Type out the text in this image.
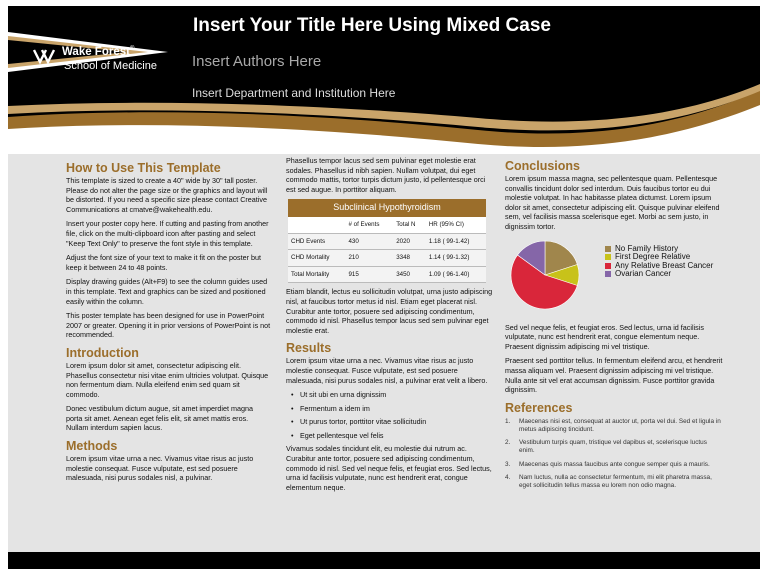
Wake Forest®
School of Medicine
Insert Your Title Here Using Mixed Case
Insert Authors Here
Insert Department and Institution Here
How to Use This Template

This template is sized to create a 40" wide by 30" tall poster. Please do not alter the page size or the graphics and layout will be distorted. If you need a specific size please contact Creative Communications at cmatve@wakehealth.edu.

Insert your poster copy here. If cutting and pasting from another file, click on the multi-clipboard icon after pasting and select "Keep Text Only" to preserve the font style in this template.

Adjust the font size of your text to make it fit on the poster but keep it between 24 to 48 points.

Display drawing guides (Alt+F9) to see the column guides used in this template. Text and graphics can be sized and positioned easily within the column.

This poster template has been designed for use in PowerPoint 2007 or greater. Opening it in prior versions of PowerPoint is not recommended.

Introduction

Lorem ipsum dolor sit amet, consectetur adipiscing elit. Phasellus consectetur nisi vitae enim ultricies volutpat. Quisque non fermentum diam. Nulla eleifend enim sed quam sit commodo.

Donec vestibulum dictum augue, sit amet imperdiet magna porta sit amet. Aenean eget felis elit, sit amet mattis eros. Nullam interdum sapien lacus.

Methods

Lorem ipsum vitae urna a nec. Vivamus vitae risus ac justo molestie consequat. Fusce vulputate, est sed posuere malesuada, nisi purus sodales nisl, a pulvinar.

Phasellus tempor lacus sed sem pulvinar eget molestie erat sodales. Phasellus id nibh sapien. Nullam volutpat, dui eget commodo mattis, tortor turpis dictum justo, id pellentesque orci est sed augue. In porttitor aliquam.

Subclinical Hypothyroidism			
	# of Events	Total N	HR (95% CI)
CHD Events	430	2020	1.18 ( 99-1.42)
CHD Mortality	210	3348	1.14 ( 99-1.32)
Total Mortality	915	3450	1.09 ( 96-1.40)

Etiam blandit, lectus eu sollicitudin volutpat, urna justo adipiscing nisl, at faucibus tortor metus id nisl. Etiam eget placerat nisl. Curabitur ante tortor, posuere sed adipiscing condimentum, commodo id nisl. Phasellus tempor lacus sed sem pulvinar eget molestie erat.

Results

Lorem ipsum vitae urna a nec. Vivamus vitae risus ac justo molestie consequat. Fusce vulputate, est sed posuere malesuada, nisi purus sodales nisl, a pulvinar erat velit a libero.

• Ut sit ubi en urna dignissim
• Fermentum a idem im
• Ut purus tortor, porttitor vitae sollicitudin
• Eget pellentesque vel felis

Vivamus sodales tincidunt elit, eu molestie dui rutrum ac. Curabitur ante tortor, posuere sed adipiscing condimentum, commodo id nisl. Sed vel neque felis, et feugiat eros. Sed lectus, urna id facilisis vulputate, nunc est hendrerit erat, congue elementum neque.

Conclusions

Lorem ipsum massa magna, sec pellentesque quam. Pellentesque convallis tincidunt dolor sed interdum. Duis faucibus tortor eu dui molestie volutpat. In hac habitasse platea dictumst. Lorem ipsum dolor sit amet, consectetur adipiscing elit. Quisque pulvinar eleifend sem, vel facilisis massa scelerisque eget. Morbi ac sem justo, in dignissim tortor.

No Family History
First Degree Relative
Any Relative Breast Cancer
Ovarian Cancer

Sed vel neque felis, et feugiat eros. Sed lectus, urna id facilisis vulputate, nunc est hendrerit erat, congue elementum neque. Praesent dignissim adipiscing mi vel tristique.

Praesent sed porttitor tellus. In fermentum eleifend arcu, et hendrerit massa aliquam vel. Praesent dignissim adipiscing mi vel tristique. Nulla ante sit vel erat accumsan dignissim. Fusce porttitor gravida dignissim.

References
1. Maecenas nisi est, consequat at auctor ut, porta vel dui. Sed et ligula in metus adipiscing tincidunt.
2. Vestibulum turpis quam, tristique vel dapibus et, scelerisque luctus enim.
3. Maecenas quis massa faucibus ante congue semper quis a mauris.
4. Nam luctus, nulla ac consectetur fermentum, mi elit pharetra massa, eget sollicitudin tellus massa eu lorem non odio magna.
